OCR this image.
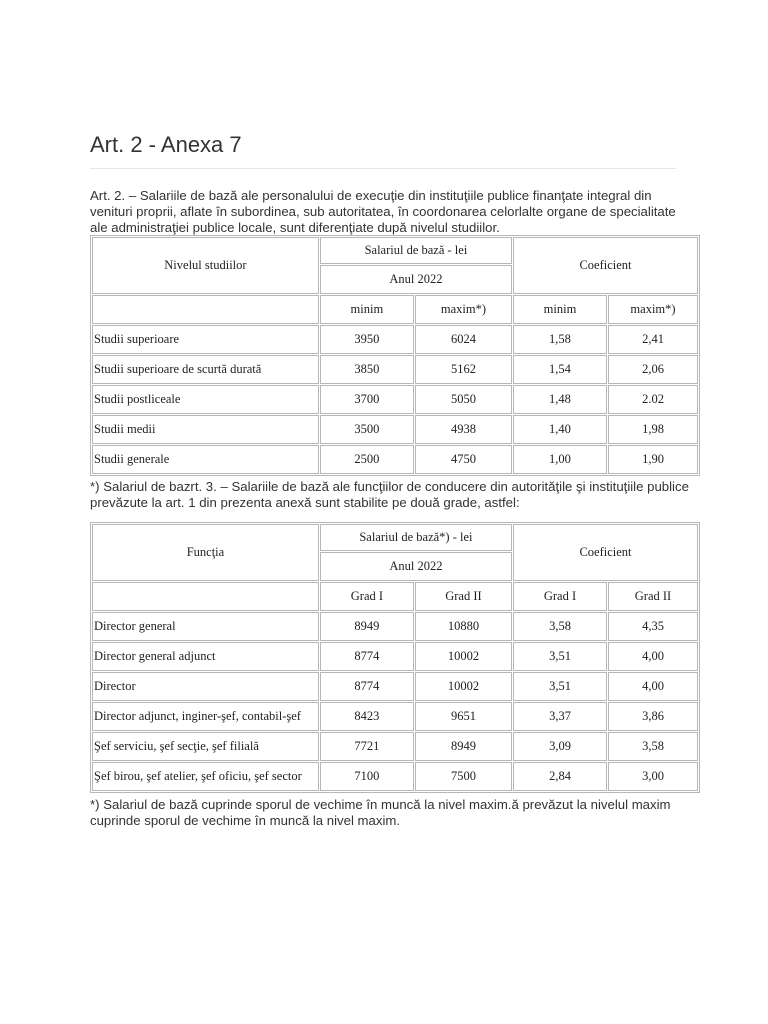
Art. 2 - Anexa 7

Art. 2. – Salariile de bază ale personalului de execuţie din instituţiile publice finanţate integral din venituri proprii, aflate în subordinea, sub autoritatea, în coordonarea celorlalte organe de specialitate ale administraţiei publice locale, sunt diferenţiate după nivelul studiilor.

Nivelul studiilor	Salariul de bază - lei		Coeficient	
	Anul 2022			
	minim	maxim*)	minim	maxim*)
Studii superioare	3950	6024	1,58	2,41
Studii superioare de scurtă durată	3850	5162	1,54	2,06
Studii postliceale	3700	5050	1,48	2.02
Studii medii	3500	4938	1,40	1,98
Studii generale	2500	4750	1,00	1,90

*) Salariul de bazrt. 3. – Salariile de bază ale funcţiilor de conducere din autorităţile şi instituţiile publice prevăzute la art. 1 din prezenta anexă sunt stabilite pe două grade, astfel:

Funcţia	Salariul de bază*) - lei		Coeficient	
	Anul 2022			
	Grad I	Grad II	Grad I	Grad II
Director general	8949	10880	3,58	4,35
Director general adjunct	8774	10002	3,51	4,00
Director	8774	10002	3,51	4,00
Director adjunct, inginer-şef, contabil-şef	8423	9651	3,37	3,86
Şef serviciu, şef secţie, şef filială	7721	8949	3,09	3,58
Şef birou, şef atelier, şef oficiu, şef sector	7100	7500	2,84	3,00

*) Salariul de bază cuprinde sporul de vechime în muncă la nivel maxim.ă prevăzut la nivelul maxim cuprinde sporul de vechime în muncă la nivel maxim.
